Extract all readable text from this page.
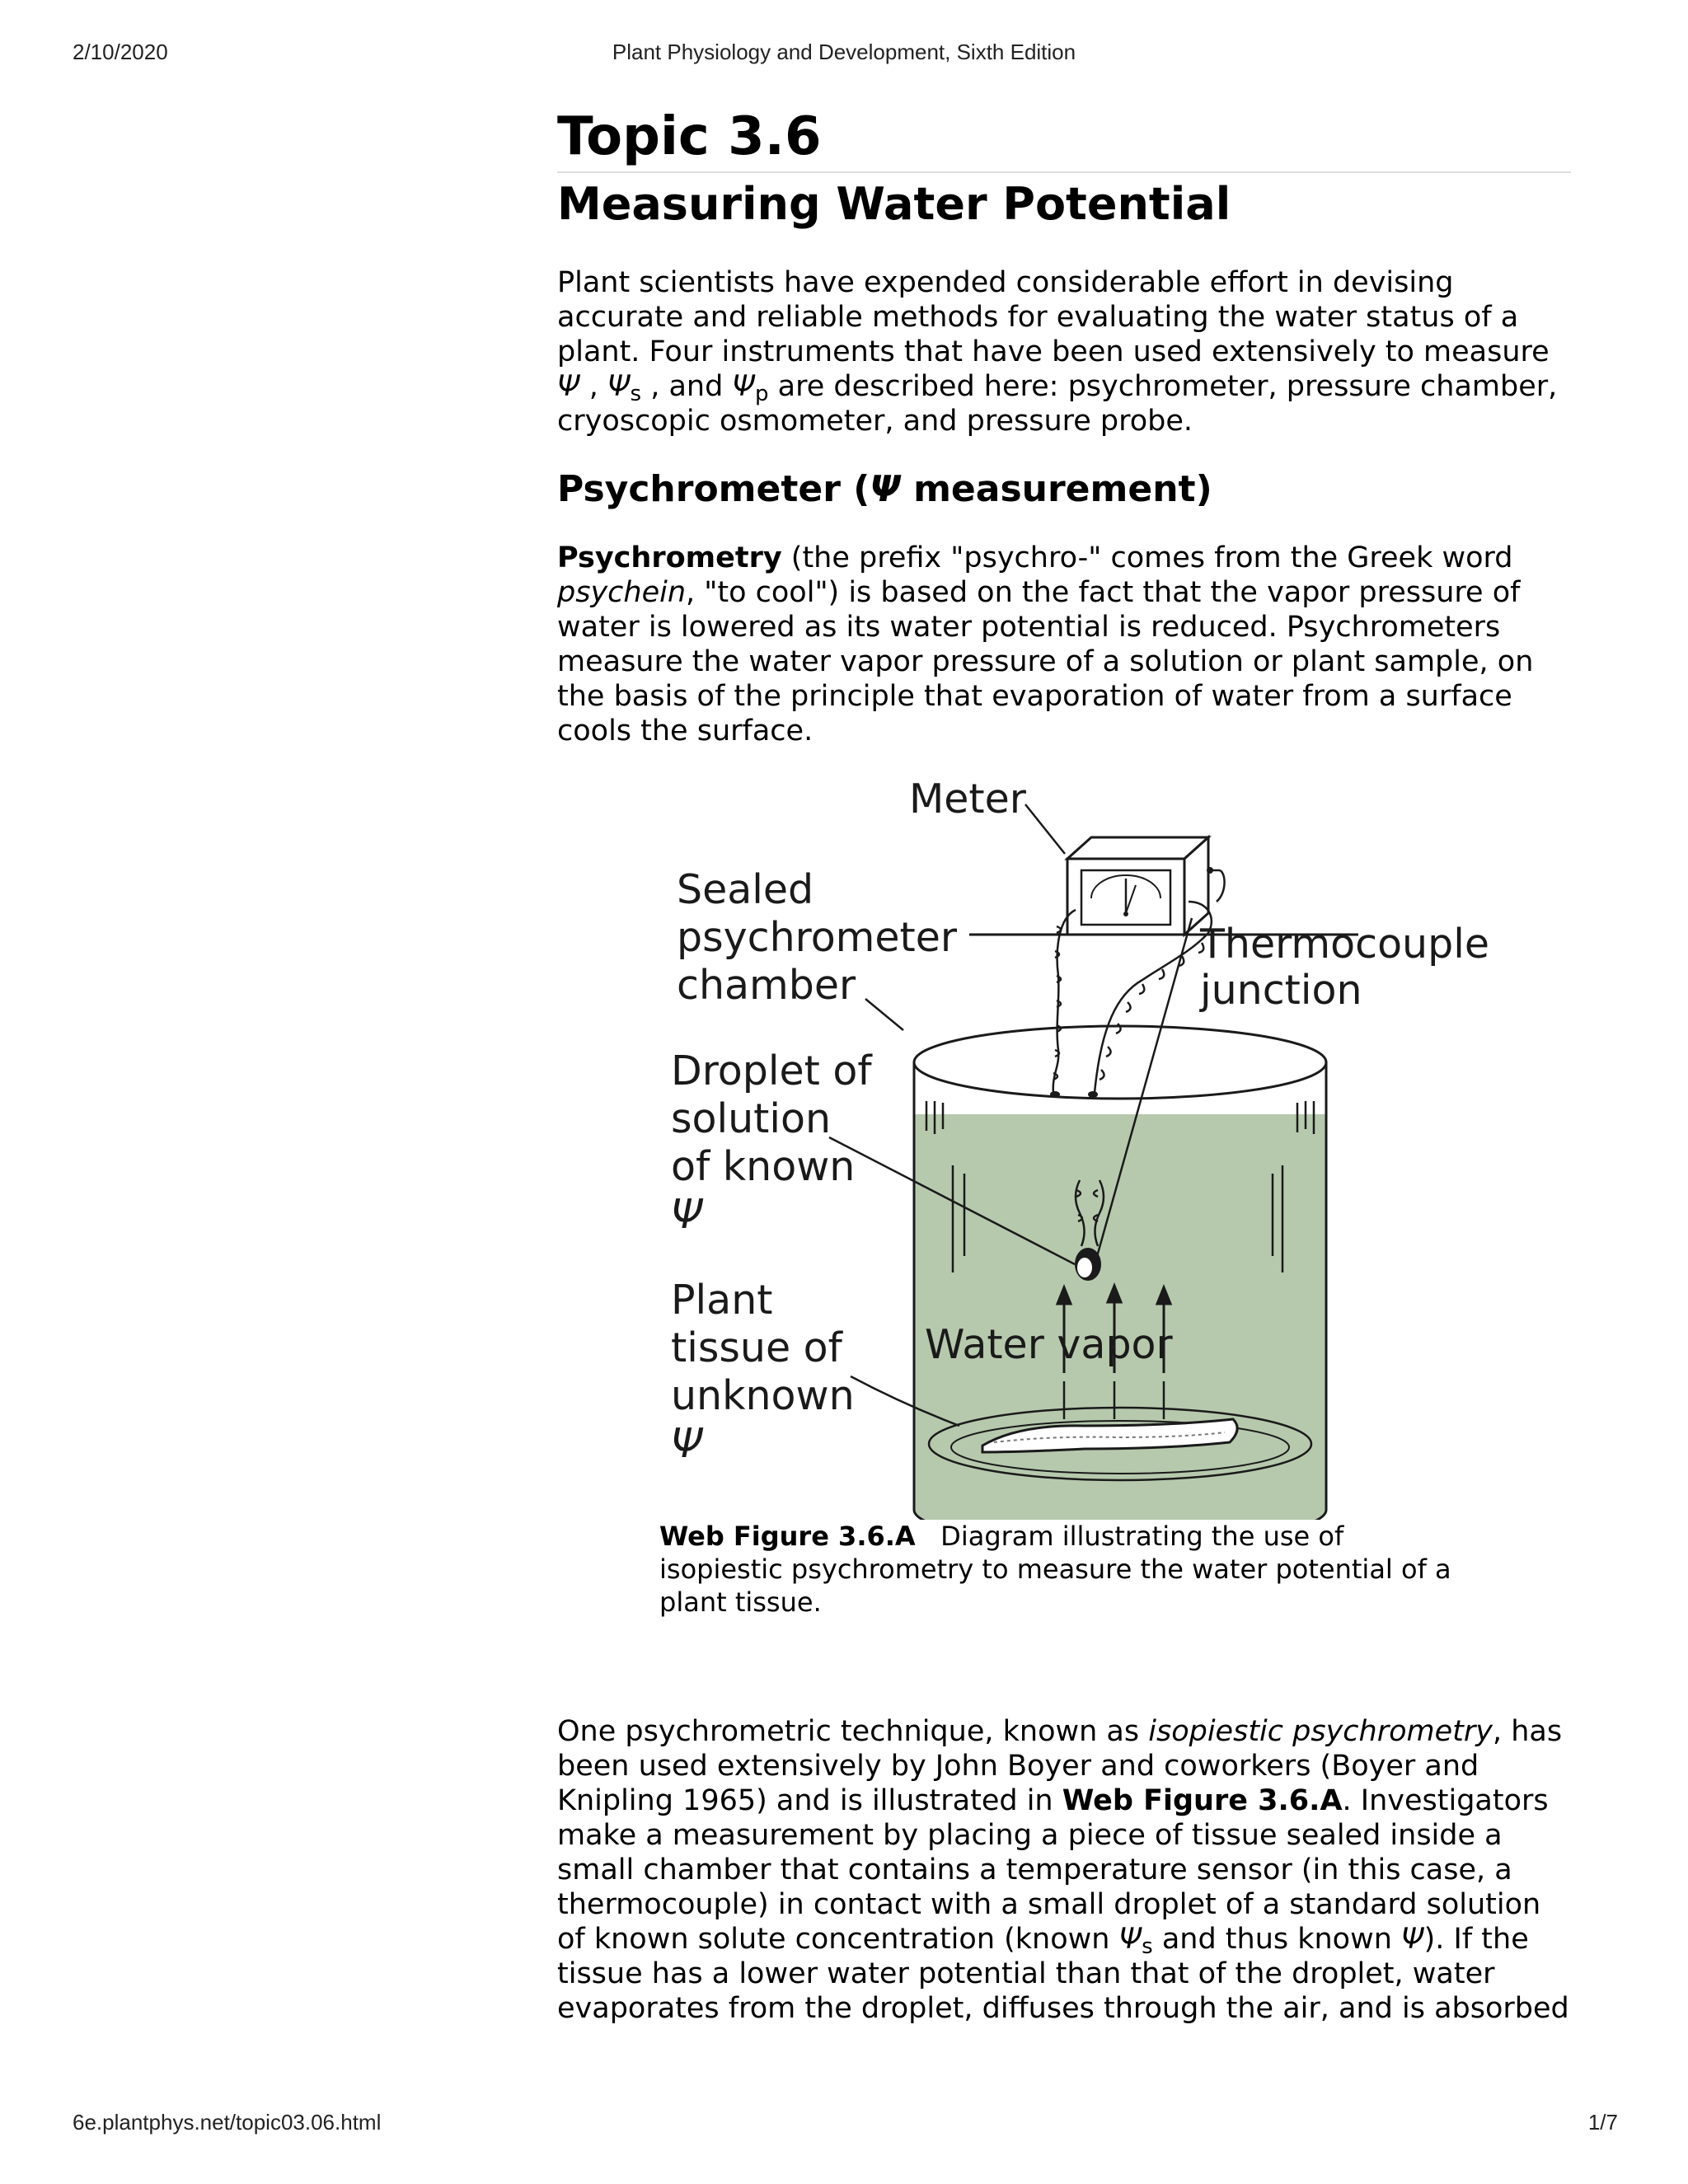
2/10/2020	Plant Physiology and Development, Sixth Edition
Topic 3.6
Measuring Water Potential

Plant scientists have expended considerable effort in devising accurate and reliable methods for evaluating the water status of a plant. Four instruments that have been used extensively to measure Ψ , $\Psi_s$ , and $\Psi_p$ are described here: psychrometer, pressure chamber, cryoscopic osmometer, and pressure probe.

Psychrometer (Ψ measurement)

Psychrometry (the prefix "psychro-" comes from the Greek word psychein, "to cool") is based on the fact that the vapor pressure of water is lowered as its water potential is reduced. Psychrometers measure the water vapor pressure of a solution or plant sample, on the basis of the principle that evaporation of water from a surface cools the surface.

Meter
Sealed
psychrometer
chamber
Thermocouple
junction
Droplet of
solution
of known
Ψ
Plant
tissue of
unknown
Ψ
Water vapor

Web Figure 3.6.A   Diagram illustrating the use of isopiestic psychrometry to measure the water potential of a plant tissue.

One psychrometric technique, known as isopiestic psychrometry, has been used extensively by John Boyer and coworkers (Boyer and Knipling 1965) and is illustrated in Web Figure 3.6.A. Investigators make a measurement by placing a piece of tissue sealed inside a small chamber that contains a temperature sensor (in this case, a thermocouple) in contact with a small droplet of a standard solution of known solute concentration (known $\Psi_s$ and thus known Ψ). If the tissue has a lower water potential than that of the droplet, water evaporates from the droplet, diffuses through the air, and is absorbed

6e.plantphys.net/topic03.06.html	1/7
